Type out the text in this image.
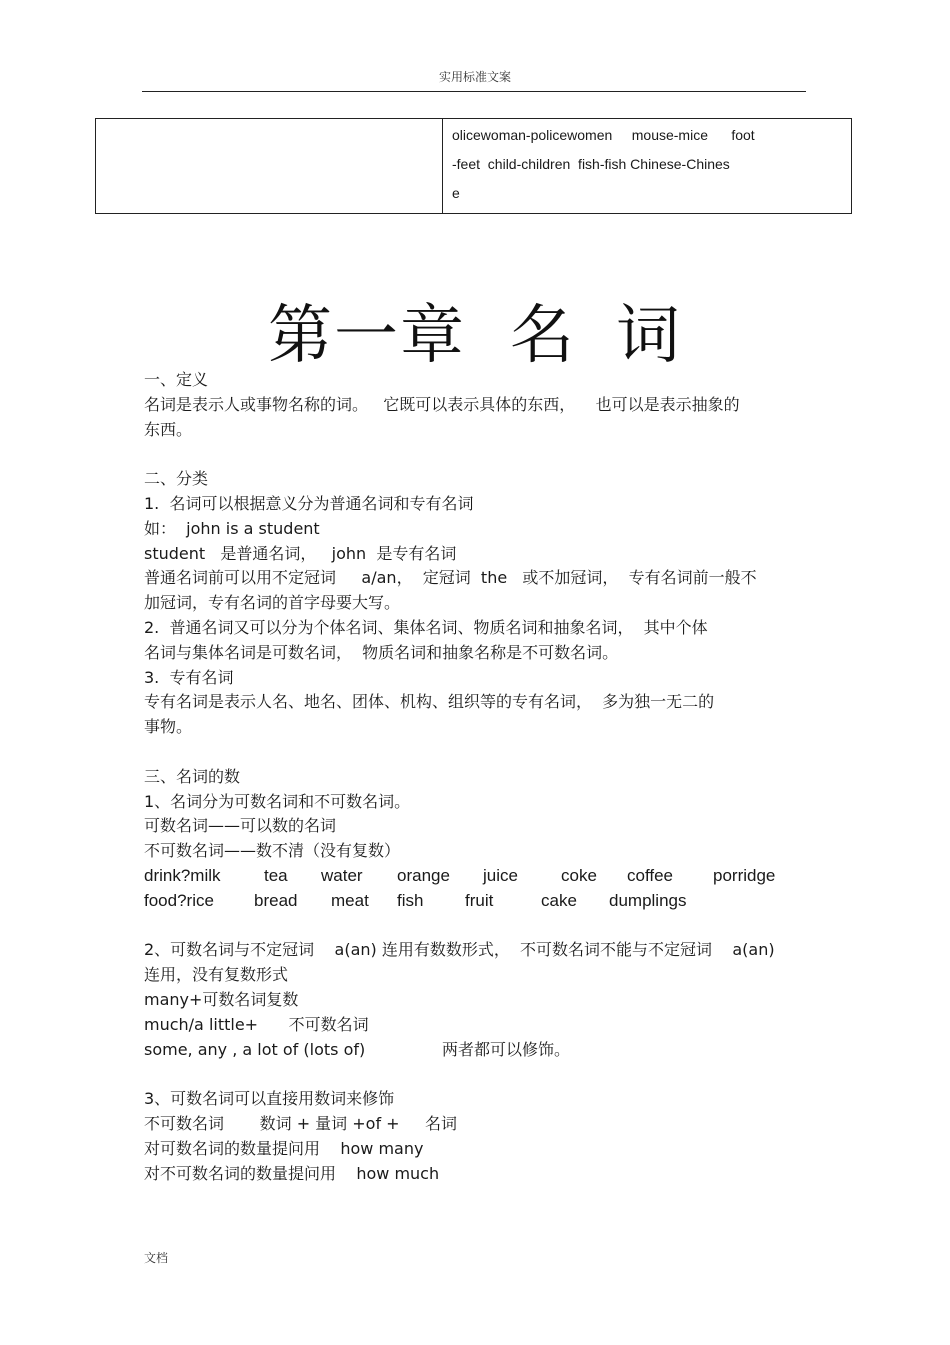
实用标准文案

olicewoman-policewomen     mouse-mice      foot
-feet  child-children  fish-fish Chinese-Chines
e
第一章 名 词
一、定义
名词是表示人或事物名称的词。   它既可以表示具体的东西，    也可以是表示抽象的
东西。
二、分类
1.  名词可以根据意义分为普通名词和专有名词
如：  john is a student
student   是普通名词，   john  是专有名词
普通名词前可以用不定冠词     a/an，  定冠词  the   或不加冠词，  专有名词前一般不
加冠词，专有名词的首字母要大写。
2.  普通名词又可以分为个体名词、集体名词、物质名词和抽象名词，  其中个体
名词与集体名词是可数名词，  物质名词和抽象名称是不可数名词。
3.  专有名词
专有名词是表示人名、地名、团体、机构、组织等的专有名词，  多为独一无二的
事物。
三、名词的数
1、名词分为可数名词和不可数名词。
可数名词——可以数的名词
不可数名词——数不清（没有复数）
drink?milk	tea	water	orange	juice	coke	coffee	porridge
food?rice	bread	meat	fish	fruit	cake	dumplings
2、可数名词与不定冠词    a(an) 连用有数数形式，  不可数名词不能与不定冠词    a(an)
连用，没有复数形式
many+可数名词复数
much/a little+      不可数名词
some, any , a lot of (lots of)	两者都可以修饰。
3、可数名词可以直接用数词来修饰
不可数名词       数词 + 量词 +of +     名词
对可数名词的数量提问用    how many
对不可数名词的数量提问用    how much
文档
